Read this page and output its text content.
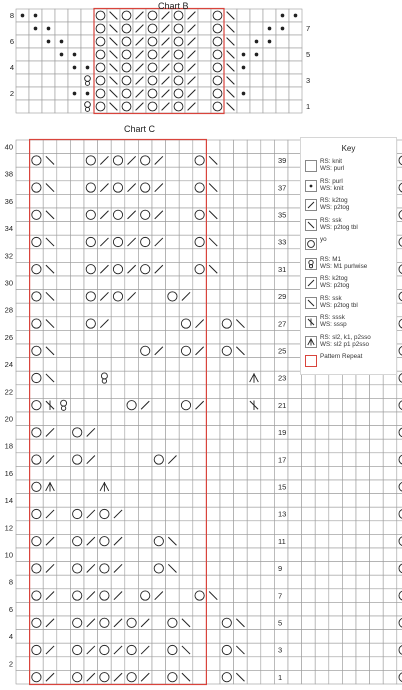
8
7
6
5
4
3
2
1
40
39
38
37
36
35
34
33
32
31
30
29
28
27
26
25
24
23
22
21
20
19
18
17
16
15
14
13
12
11
10
9
8
7
6
5
4
3
2
1
Chart B
Chart C
Key
RS: knit
WS: purl
RS: purl
WS: knit
RS: k2tog
WS: p2tog
RS: ssk
WS: p2tog tbl
yo
RS: M1
WS: M1 purlwise
RS: k2tog
WS: p2tog
RS: ssk
WS: p2tog tbl
RS: sssk
WS: sssp
RS: sl2, k1, p2sso
WS: sl2 p1 p2sso
Pattern Repeat
